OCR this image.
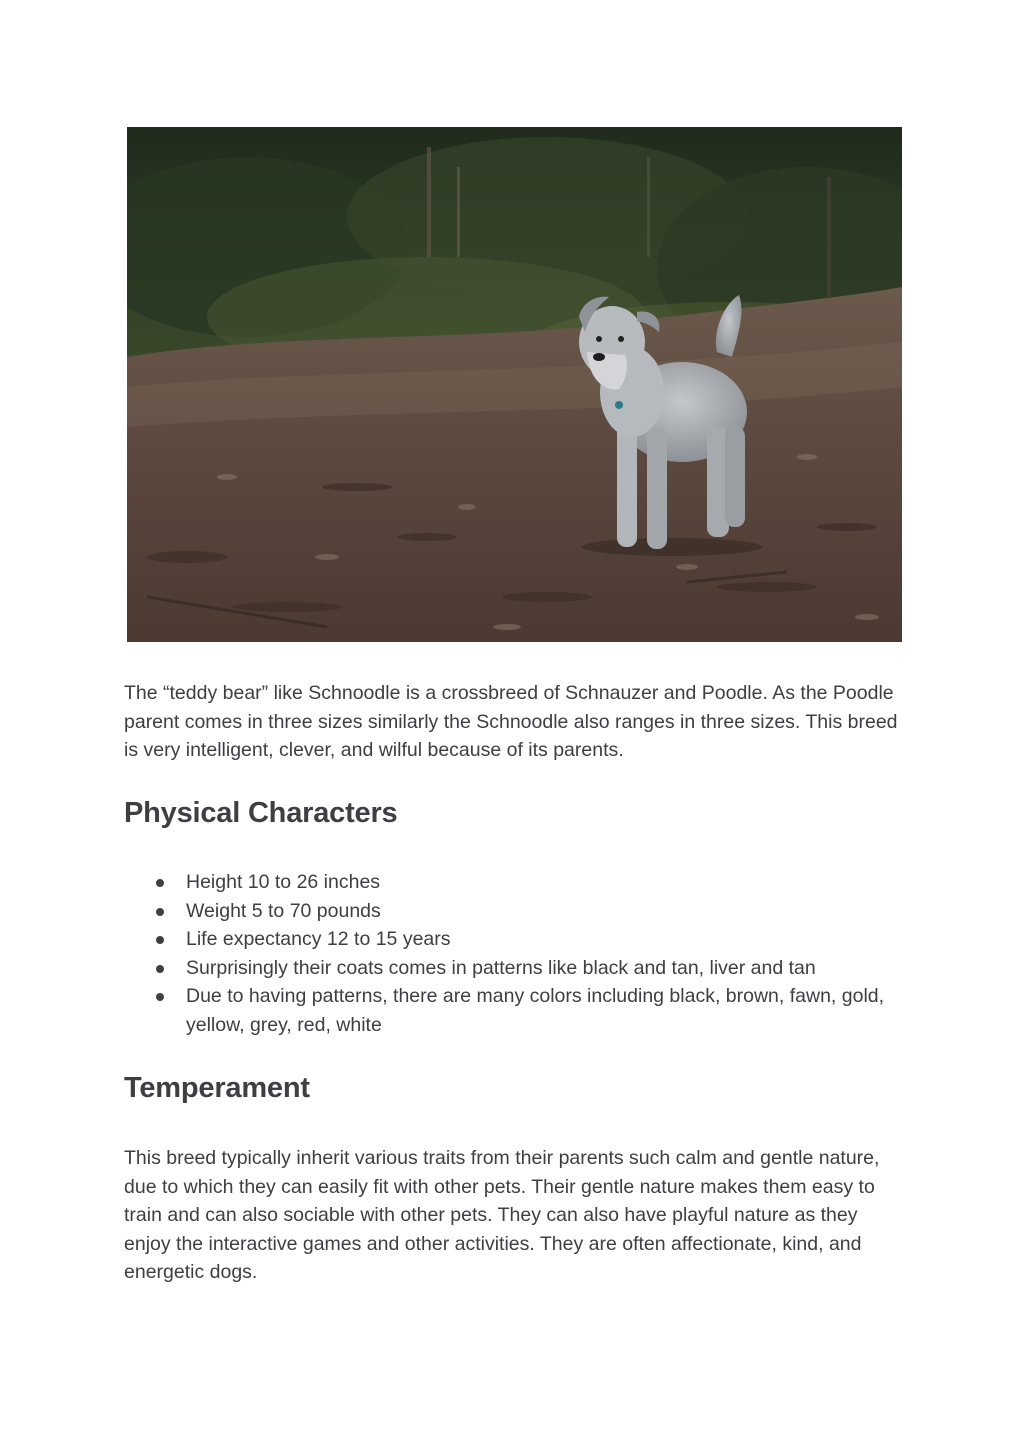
The “teddy bear” like Schnoodle is a crossbreed of Schnauzer and Poodle. As the Poodle parent comes in three sizes similarly the Schnoodle also ranges in three sizes. This breed is very intelligent, clever, and wilful because of its parents.

Physical Characters
Height 10 to 26 inches
Weight 5 to 70 pounds
Life expectancy 12 to 15 years
Surprisingly their coats comes in patterns like black and tan, liver and tan
Due to having patterns, there are many colors including black, brown, fawn, gold, yellow, grey, red, white
Temperament

This breed typically inherit various traits from their parents such calm and gentle nature, due to which they can easily fit with other pets. Their gentle nature makes them easy to train and can also sociable with other pets. They can also have playful nature as they enjoy the interactive games and other activities. They are often affectionate, kind, and energetic dogs.
